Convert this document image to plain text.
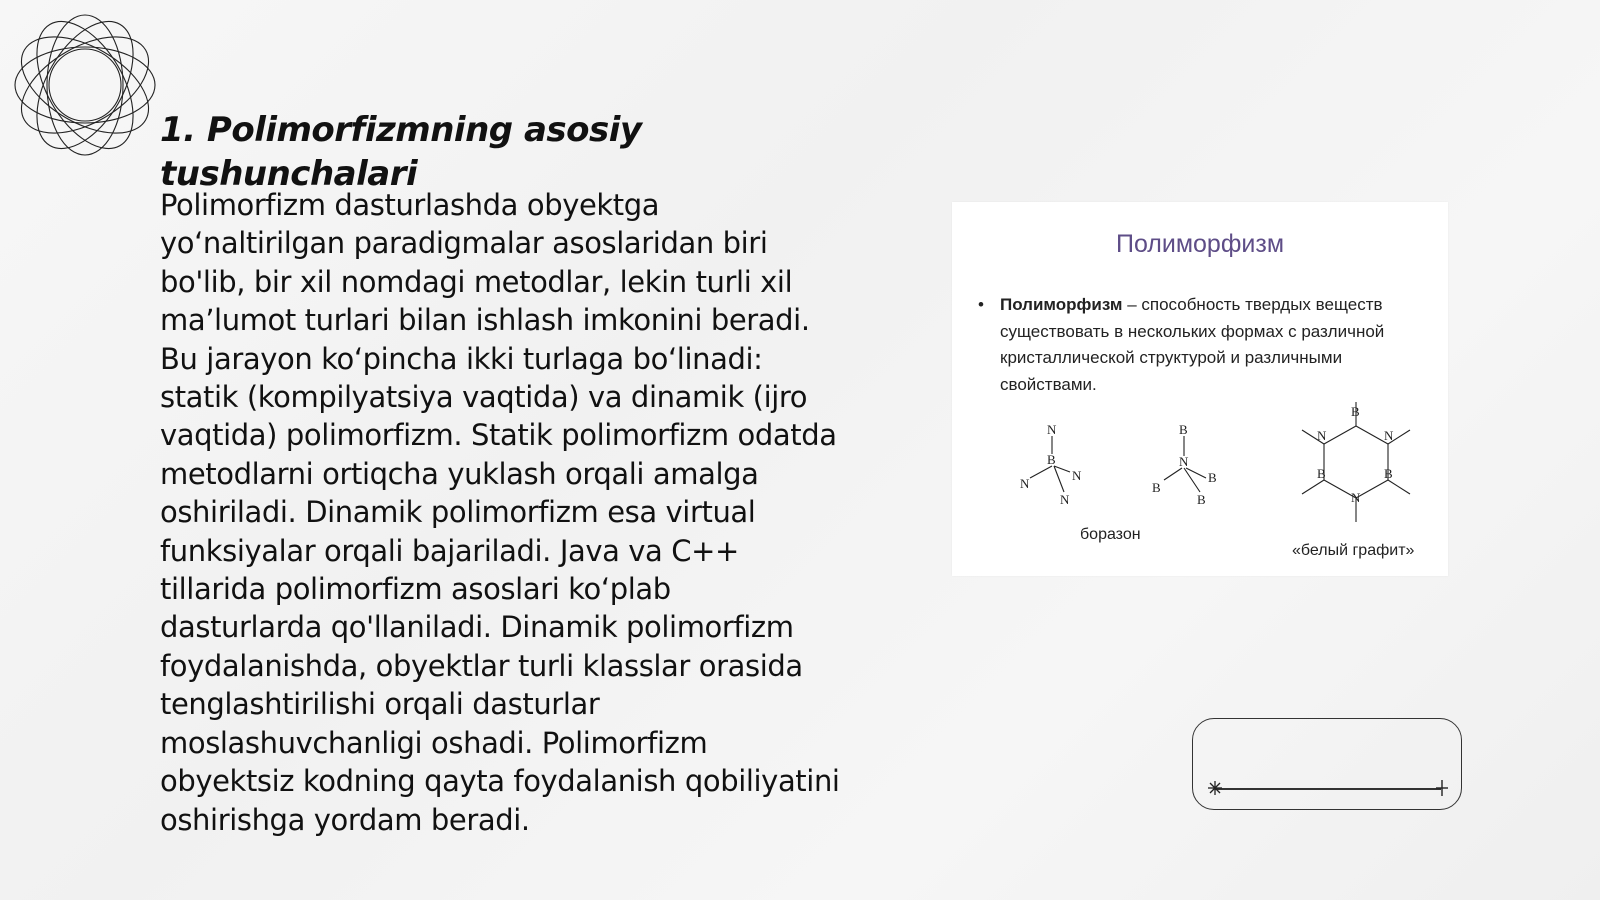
1. Polimorfizmning asosiy tushunchalari
Polimorfizm dasturlashda obyektga yo‘naltirilgan paradigmalar asoslaridan biri bo'lib, bir xil nomdagi metodlar, lekin turli xil ma’lumot turlari bilan ishlash imkonini beradi. Bu jarayon ko‘pincha ikki turlaga bo‘linadi: statik (kompilyatsiya vaqtida) va dinamik (ijro vaqtida) polimorfizm. Statik polimorfizm odatda metodlarni ortiqcha yuklash orqali amalga oshiriladi. Dinamik polimorfizm esa virtual funksiyalar orqali bajariladi. Java va C++ tillarida polimorfizm asoslari ko‘plab dasturlarda qo'llaniladi. Dinamik polimorfizm foydalanishda, obyektlar turli klasslar orasida tenglashtirilishi orqali dasturlar moslashuvchanligi oshadi. Polimorfizm obyektsiz kodning qayta foydalanish qobiliyatini oshirishga yordam beradi.
Полиморфизм
• Полиморфизм – способность твердых веществ существовать в нескольких формах с различной кристаллической структурой и различными свойствами.
N
B
N
N
N
B
N
B
B
B
B
N	N
B	B
N
боразон
«белый графит»
